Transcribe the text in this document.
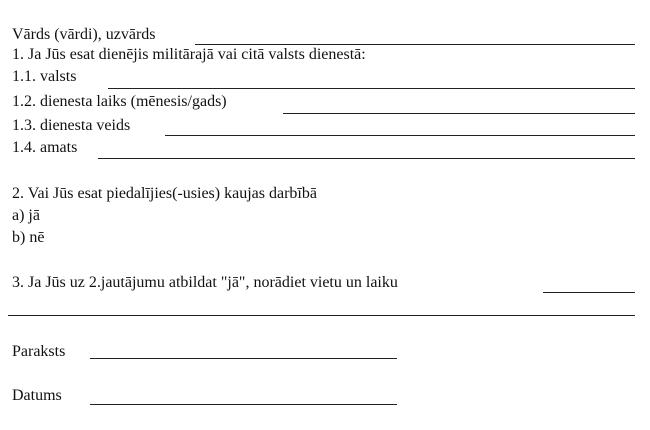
Vārds (vārdi), uzvārds
1. Ja Jūs esat dienējis militārajā vai citā valsts dienestā:
1.1. valsts
1.2. dienesta laiks (mēnesis/gads)
1.3. dienesta veids
1.4. amats
2. Vai Jūs esat piedalījies(-usies) kaujas darbībā
a) jā
b) nē
3. Ja Jūs uz 2.jautājumu atbildat "jā", norādiet vietu un laiku
Paraksts
Datums
